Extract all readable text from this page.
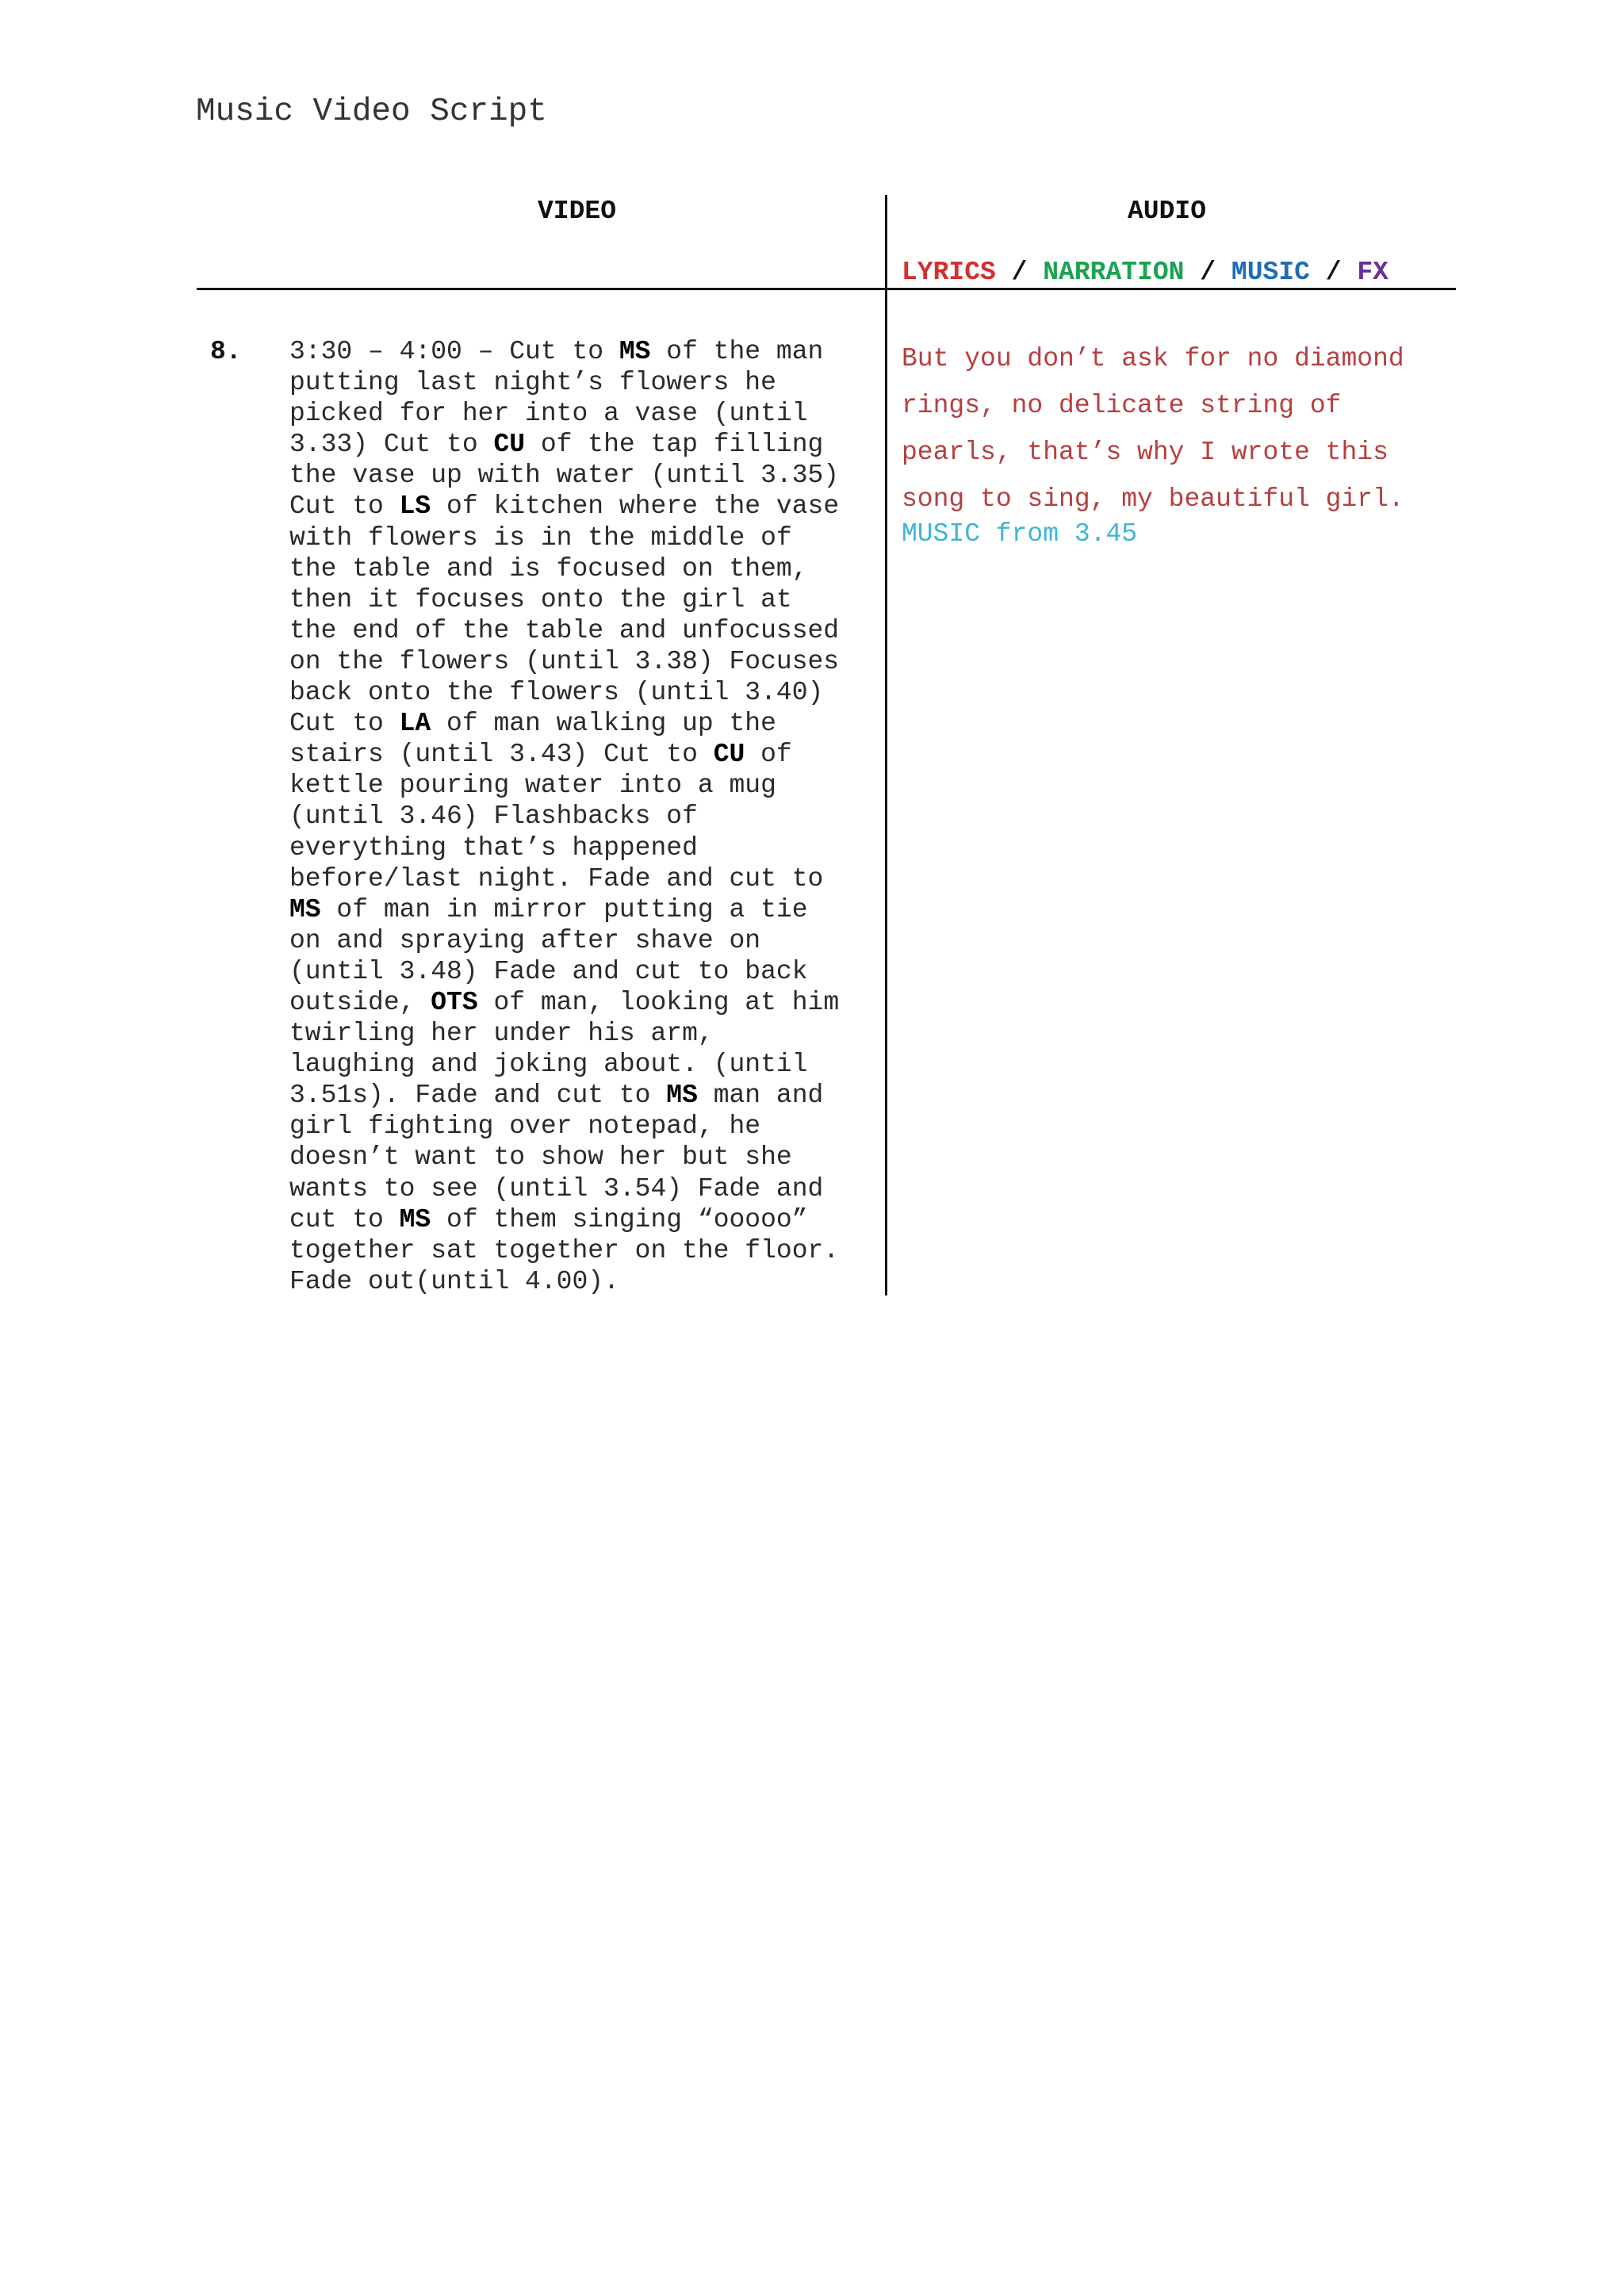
Music Video Script
VIDEO	AUDIO
LYRICS / NARRATION / MUSIC / FX
8. 3:30 – 4:00 – Cut to MS of the man
putting last night’s flowers he
picked for her into a vase (until
3.33) Cut to CU of the tap filling
the vase up with water (until 3.35)
Cut to LS of kitchen where the vase
with flowers is in the middle of
the table and is focused on them,
then it focuses onto the girl at
the end of the table and unfocussed
on the flowers (until 3.38) Focuses
back onto the flowers (until 3.40)
Cut to LA of man walking up the
stairs (until 3.43) Cut to CU of
kettle pouring water into a mug
(until 3.46) Flashbacks of
everything that’s happened
before/last night. Fade and cut to
MS of man in mirror putting a tie
on and spraying after shave on
(until 3.48) Fade and cut to back
outside, OTS of man, looking at him
twirling her under his arm,
laughing and joking about. (until
3.51s). Fade and cut to MS man and
girl fighting over notepad, he
doesn’t want to show her but she
wants to see (until 3.54) Fade and
cut to MS of them singing “ooooo”
together sat together on the floor.
Fade out(until 4.00).
But you don’t ask for no diamond
rings, no delicate string of
pearls, that’s why I wrote this
song to sing, my beautiful girl.
MUSIC from 3.45
